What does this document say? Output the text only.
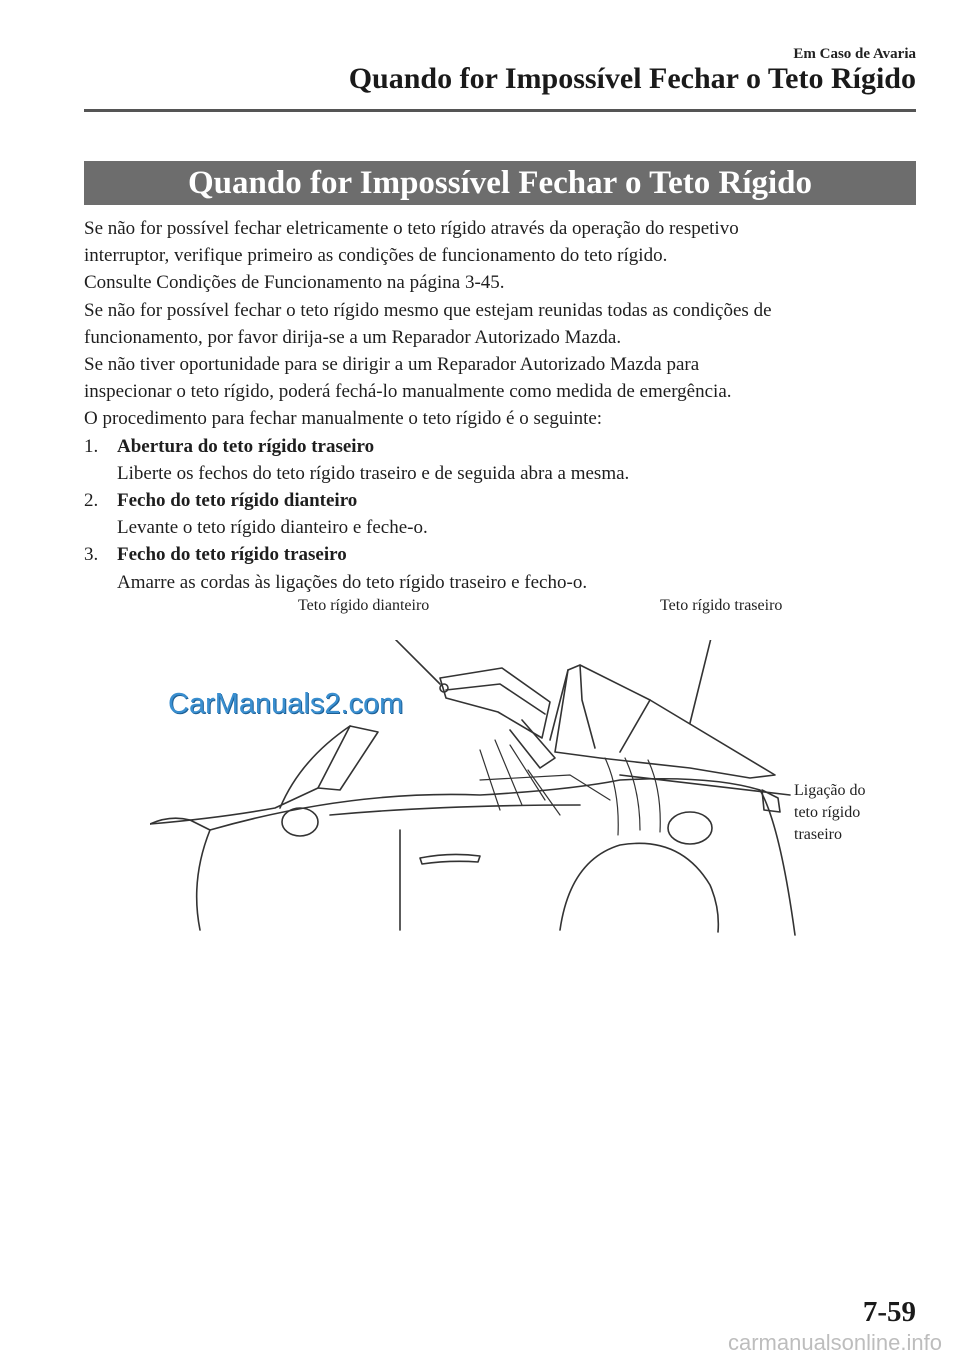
Em Caso de Avaria
Quando for Impossível Fechar o Teto Rígido
Quando for Impossível Fechar o Teto Rígido

Se não for possível fechar eletricamente o teto rígido através da operação do respetivo

interruptor, verifique primeiro as condições de funcionamento do teto rígido.

Consulte Condições de Funcionamento na página 3-45.

Se não for possível fechar o teto rígido mesmo que estejam reunidas todas as condições de

funcionamento, por favor dirija-se a um Reparador Autorizado Mazda.

Se não tiver oportunidade para se dirigir a um Reparador Autorizado Mazda para

inspecionar o teto rígido, poderá fechá-lo manualmente como medida de emergência.

O procedimento para fechar manualmente o teto rígido é o seguinte:

1. Abertura do teto rígido traseiro
Liberte os fechos do teto rígido traseiro e de seguida abra a mesma.
2. Fecho do teto rígido dianteiro
Levante o teto rígido dianteiro e feche-o.
3. Fecho do teto rígido traseiro
Amarre as cordas às ligações do teto rígido traseiro e fecho-o.
Teto rígido dianteiro	Teto rígido traseiro
Ligação do
teto rígido
traseiro
CarManuals2.com
7-59
carmanualsonline.info
